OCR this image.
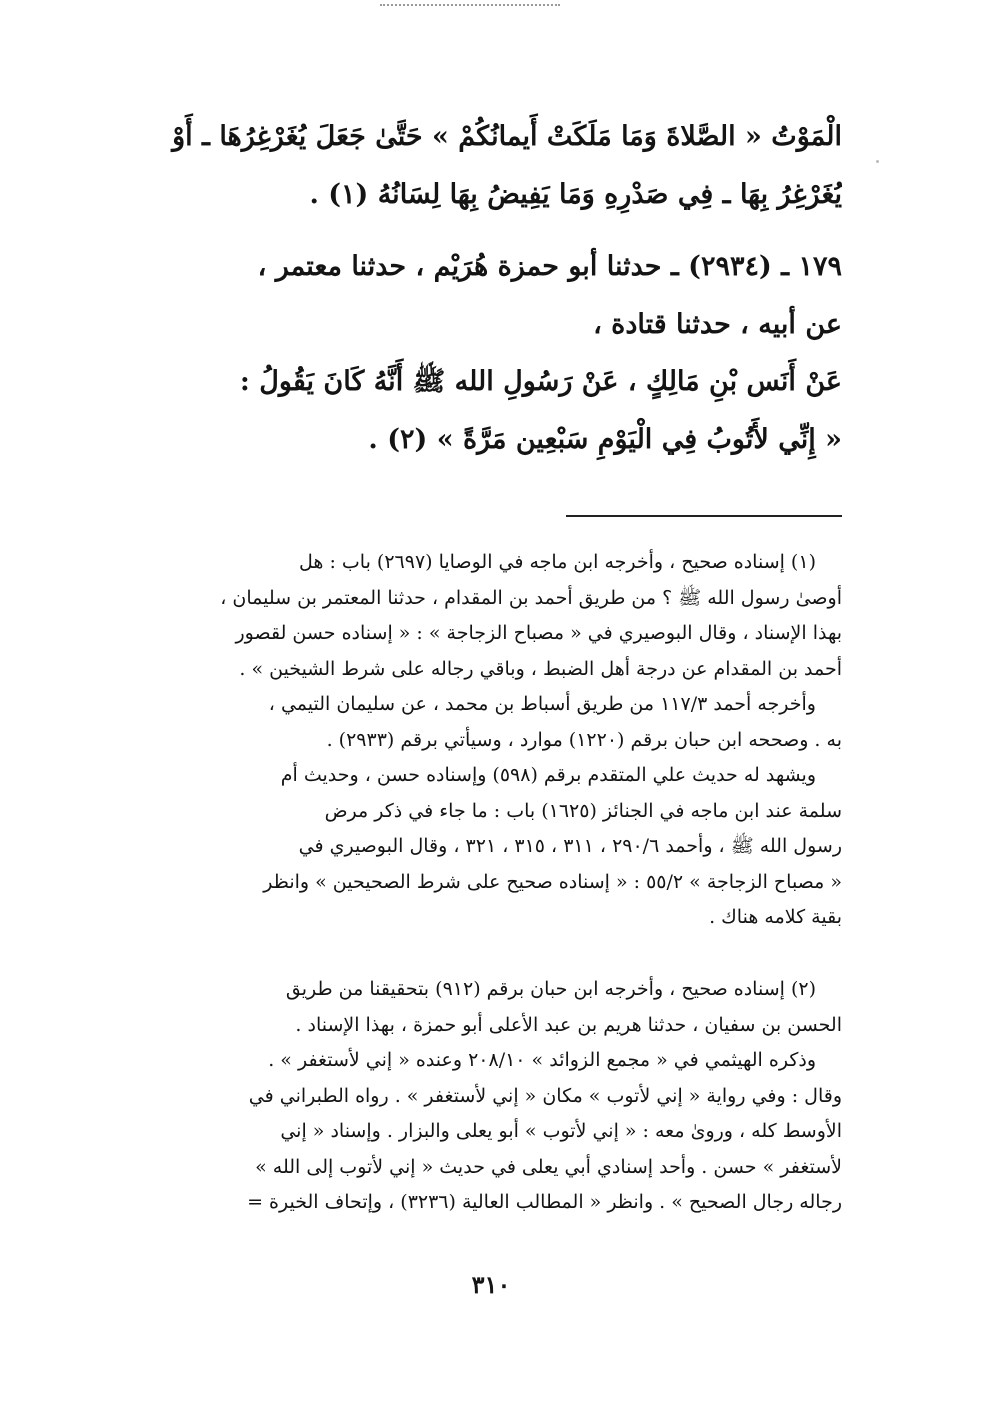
الْمَوْتُ « الصَّلاةَ وَمَا مَلَكَتْ أَيمانُكُمْ » حَتَّىٰ جَعَلَ يُغَرْغِرُهَا ـ أَوْ
يُغَرْغِرُ بِهَا ـ فِي صَدْرِهِ وَمَا يَفِيضُ بِهَا لِسَانُهُ (١) .
١٧٩ ـ (٢٩٣٤) ـ حدثنا أبو حمزة هُرَيْم ، حدثنا معتمر ،
عن أبيه ، حدثنا قتادة ،
عَنْ أَنَس بْنِ مَالِكٍ ، عَنْ رَسُولِ الله ﷺ أَنَّهُ كَانَ يَقُولُ :
« إِنِّي لأَتُوبُ فِي الْيَوْمِ سَبْعِين مَرَّةً » (٢) .
(١) إسناده صحيح ، وأخرجه ابن ماجه في الوصايا (٢٦٩٧) باب : هل
أوصىٰ رسول الله ﷺ ؟ من طريق أحمد بن المقدام ، حدثنا المعتمر بن سليمان ،
بهذا الإسناد ، وقال البوصيري في « مصباح الزجاجة » : « إسناده حسن لقصور
أحمد بن المقدام عن درجة أهل الضبط ، وباقي رجاله على شرط الشيخين » .
وأخرجه أحمد ١١٧/٣ من طريق أسباط بن محمد ، عن سليمان التيمي ،
به . وصححه ابن حبان برقم (١٢٢٠) موارد ، وسيأتي برقم (٢٩٣٣) .
ويشهد له حديث علي المتقدم برقم (٥٩٨) وإسناده حسن ، وحديث أم
سلمة عند ابن ماجه في الجنائز (١٦٢٥) باب : ما جاء في ذكر مرض
رسول الله ﷺ ، وأحمد ٢٩٠/٦ ، ٣١١ ، ٣١٥ ، ٣٢١ ، وقال البوصيري في
« مصباح الزجاجة » ٥٥/٢ : « إسناده صحيح على شرط الصحيحين » وانظر
بقية كلامه هناك .
(٢) إسناده صحيح ، وأخرجه ابن حبان برقم (٩١٢) بتحقيقنا من طريق
الحسن بن سفيان ، حدثنا هريم بن عبد الأعلى أبو حمزة ، بهذا الإسناد .
وذكره الهيثمي في « مجمع الزوائد » ٢٠٨/١٠ وعنده « إني لأستغفر » .
وقال : وفي رواية « إني لأتوب » مكان « إني لأستغفر » . رواه الطبراني في
الأوسط كله ، وروىٰ معه : « إني لأتوب » أبو يعلى والبزار . وإسناد « إني
لأستغفر » حسن . وأحد إسنادي أبي يعلى في حديث « إني لأتوب إلى الله »
رجاله رجال الصحيح » . وانظر « المطالب العالية (٣٢٣٦) ، وإتحاف الخيرة =
٣١٠
